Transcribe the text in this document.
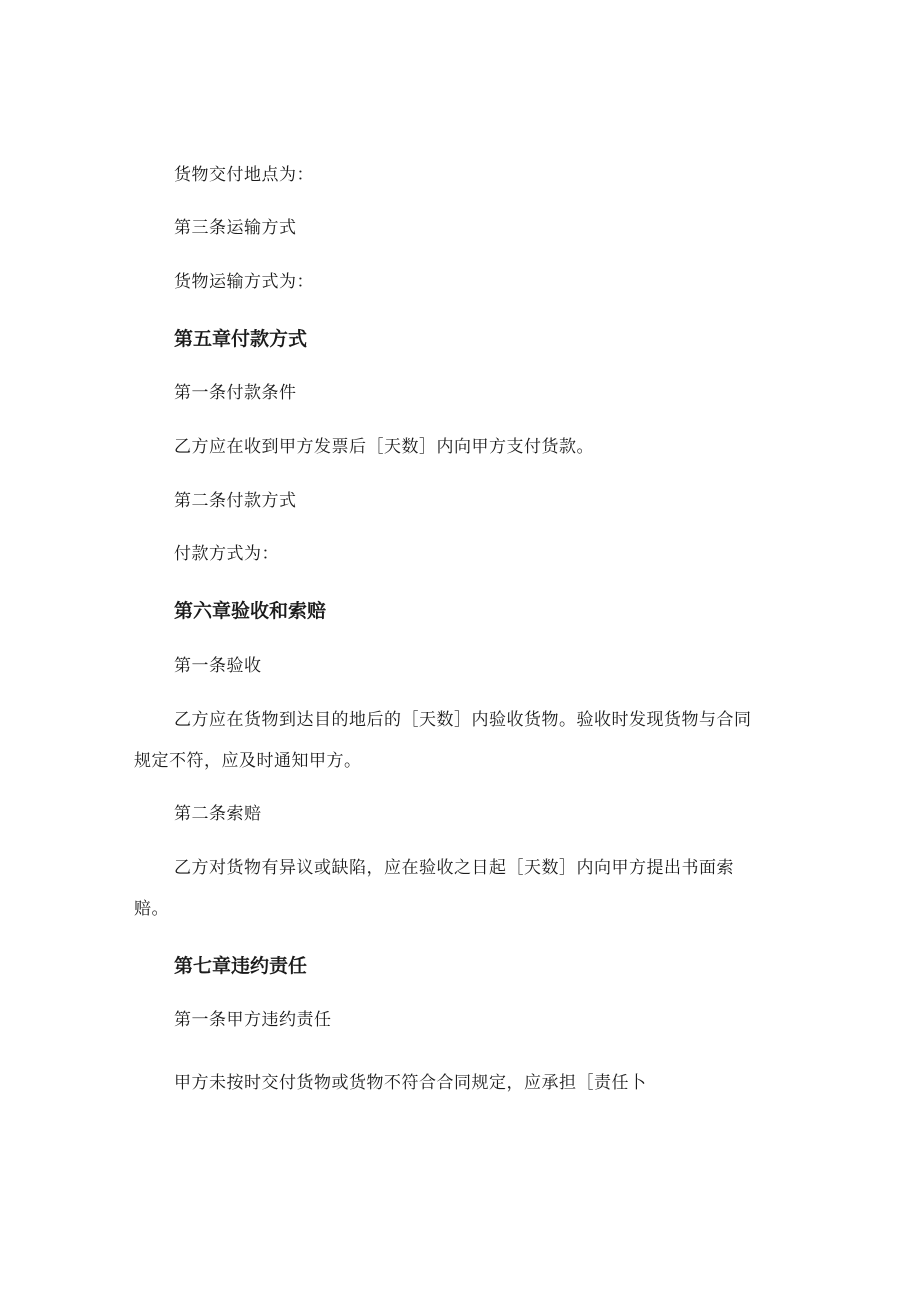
货物交付地点为：
第三条运输方式
货物运输方式为：
第五章付款方式
第一条付款条件
乙方应在收到甲方发票后［天数］内向甲方支付货款。
第二条付款方式
付款方式为：
第六章验收和索赔
第一条验收
乙方应在货物到达目的地后的［天数］内验收货物。验收时发现货物与合同
规定不符，应及时通知甲方。
第二条索赔
乙方对货物有异议或缺陷，应在验收之日起［天数］内向甲方提出书面索
赔。
第七章违约责任
第一条甲方违约责任
甲方未按时交付货物或货物不符合合同规定，应承担［责任卜
